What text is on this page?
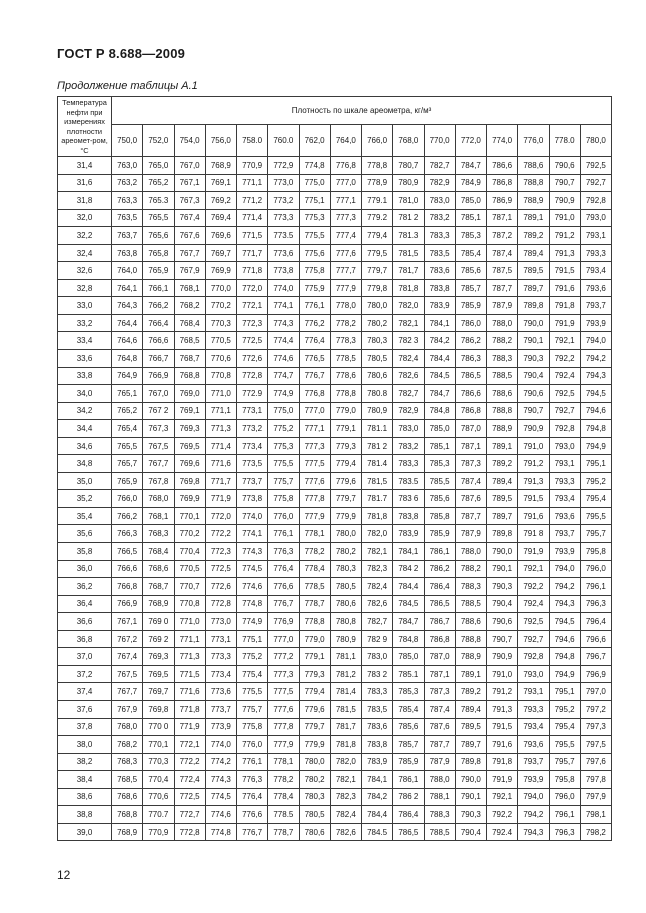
ГОСТ Р 8.688—2009
Продолжение таблицы А.1
Температура нефти при измерениях плотности ареомет-ром, °С	Плотность по шкале ареометра, кг/м³															
	750,0	752,0	754,0	756,0	758.0	760.0	762,0	764,0	766,0	768,0	770,0	772,0	774,0	776,0	778.0	780,0
31,4	763,0	765,0	767,0	768,9	770,9	772,9	774,8	776,8	778,8	780,7	782,7	784,7	786,6	788,6	790,6	792,5
31,6	763,2	765,2	767,1	769,1	771,1	773,0	775,0	777,0	778,9	780,9	782,9	784,9	786,8	788,8	790,7	792,7
31,8	763,3	765.3	767,3	769,2	771,2	773,2	775,1	777,1	779.1	781,0	783,0	785,0	786,9	788,9	790,9	792,8
32,0	763,5	765,5	767,4	769,4	771,4	773,3	775,3	777,3	779.2	781 2	783,2	785,1	787,1	789,1	791,0	793,0
32,2	763,7	765,6	767,6	769,6	771,5	773.5	775,5	777,4	779,4	781.3	783,3	785,3	787,2	789,2	791,2	793,1
32,4	763,8	765,8	767,7	769,7	771,7	773,6	775,6	777,6	779,5	781,5	783,5	785,4	787,4	789,4	791,3	793,3
32,6	764,0	765,9	767,9	769,9	771,8	773,8	775,8	777,7	779,7	781,7	783,6	785,6	787,5	789,5	791,5	793,4
32,8	764,1	766,1	768,1	770,0	772,0	774,0	775,9	777,9	779,8	781,8	783,8	785,7	787,7	789,7	791,6	793,6
33,0	764,3	766,2	768,2	770,2	772,1	774,1	776,1	778,0	780,0	782,0	783,9	785,9	787,9	789,8	791,8	793,7
33,2	764,4	766,4	768,4	770,3	772,3	774,3	776,2	778,2	780,2	782,1	784,1	786,0	788,0	790,0	791,9	793,9
33,4	764,6	766,6	768,5	770,5	772,5	774,4	776,4	778,3	780,3	782 3	784,2	786,2	788,2	790,1	792,1	794,0
33,6	764,8	766,7	768,7	770,6	772,6	774,6	776,5	778,5	780,5	782,4	784,4	786,3	788,3	790,3	792,2	794,2
33,8	764,9	766,9	768,8	770,8	772,8	774,7	776,7	778,6	780,6	782,6	784,5	786,5	788,5	790,4	792,4	794,3
34,0	765,1	767,0	769,0	771,0	772.9	774,9	776,8	778,8	780.8	782,7	784,7	786,6	788,6	790,6	792,5	794,5
34,2	765,2	767 2	769,1	771,1	773,1	775,0	777,0	779,0	780,9	782,9	784,8	786,8	788,8	790,7	792,7	794,6
34,4	765,4	767,3	769,3	771,3	773,2	775,2	777,1	779,1	781.1	783,0	785,0	787,0	788,9	790,9	792,8	794,8
34,6	765,5	767,5	769,5	771,4	773,4	775,3	777,3	779,3	781 2	783,2	785,1	787,1	789,1	791,0	793,0	794,9
34,8	765,7	767,7	769,6	771,6	773,5	775,5	777,5	779,4	781.4	783,3	785,3	787,3	789,2	791,2	793,1	795,1
35,0	765,9	767,8	769,8	771,7	773,7	775,7	777,6	779,6	781,5	783.5	785,5	787,4	789,4	791,3	793,3	795,2
35,2	766,0	768,0	769,9	771,9	773,8	775,8	777,8	779,7	781.7	783 6	785,6	787,6	789,5	791,5	793,4	795,4
35,4	766,2	768,1	770,1	772,0	774,0	776,0	777,9	779,9	781,8	783,8	785,8	787,7	789,7	791,6	793,6	795,5
35,6	766,3	768,3	770,2	772,2	774,1	776,1	778,1	780,0	782,0	783,9	785,9	787,9	789,8	791 8	793,7	795,7
35,8	766,5	768,4	770,4	772,3	774,3	776,3	778,2	780,2	782,1	784,1	786,1	788,0	790,0	791,9	793,9	795,8
36,0	766,6	768,6	770,5	772,5	774,5	776,4	778,4	780,3	782,3	784 2	786,2	788,2	790,1	792,1	794,0	796,0
36,2	766,8	768,7	770,7	772,6	774,6	776,6	778,5	780,5	782,4	784,4	786,4	788,3	790,3	792,2	794,2	796,1
36,4	766,9	768,9	770,8	772,8	774,8	776,7	778,7	780,6	782,6	784,5	786,5	788,5	790,4	792,4	794,3	796,3
36,6	767,1	769 0	771,0	773,0	774,9	776,9	778,8	780,8	782,7	784,7	786,7	788,6	790,6	792,5	794,5	796,4
36,8	767,2	769 2	771,1	773,1	775,1	777,0	779,0	780,9	782 9	784,8	786,8	788,8	790,7	792,7	794,6	796,6
37,0	767,4	769,3	771,3	773,3	775,2	777,2	779,1	781,1	783,0	785,0	787,0	788,9	790,9	792,8	794,8	796,7
37,2	767,5	769,5	771,5	773,4	775,4	777,3	779,3	781,2	783 2	785.1	787,1	789,1	791,0	793,0	794,9	796,9
37,4	767,7	769,7	771,6	773,6	775,5	777,5	779,4	781,4	783,3	785,3	787,3	789,2	791,2	793,1	795,1	797,0
37,6	767,9	769,8	771,8	773,7	775,7	777,6	779,6	781,5	783,5	785,4	787,4	789,4	791,3	793,3	795,2	797,2
37,8	768,0	770 0	771,9	773,9	775,8	777,8	779,7	781,7	783,6	785,6	787,6	789,5	791,5	793,4	795,4	797,3
38,0	768,2	770,1	772,1	774,0	776,0	777,9	779,9	781,8	783,8	785,7	787,7	789,7	791,6	793,6	795,5	797,5
38,2	768,3	770,3	772,2	774,2	776,1	778,1	780,0	782,0	783,9	785,9	787,9	789,8	791,8	793,7	795,7	797,6
38,4	768,5	770,4	772,4	774,3	776,3	778,2	780,2	782,1	784,1	786,1	788,0	790,0	791,9	793,9	795,8	797,8
38,6	768,6	770,6	772,5	774,5	776,4	778,4	780,3	782,3	784,2	786 2	788,1	790,1	792,1	794,0	796,0	797,9
38,8	768,8	770.7	772,7	774,6	776,6	778.5	780,5	782,4	784,4	786,4	788,3	790,3	792,2	794,2	796,1	798,1
39,0	768,9	770,9	772,8	774,8	776,7	778,7	780,6	782,6	784.5	786,5	788,5	790,4	792.4	794,3	796,3	798,2
12
